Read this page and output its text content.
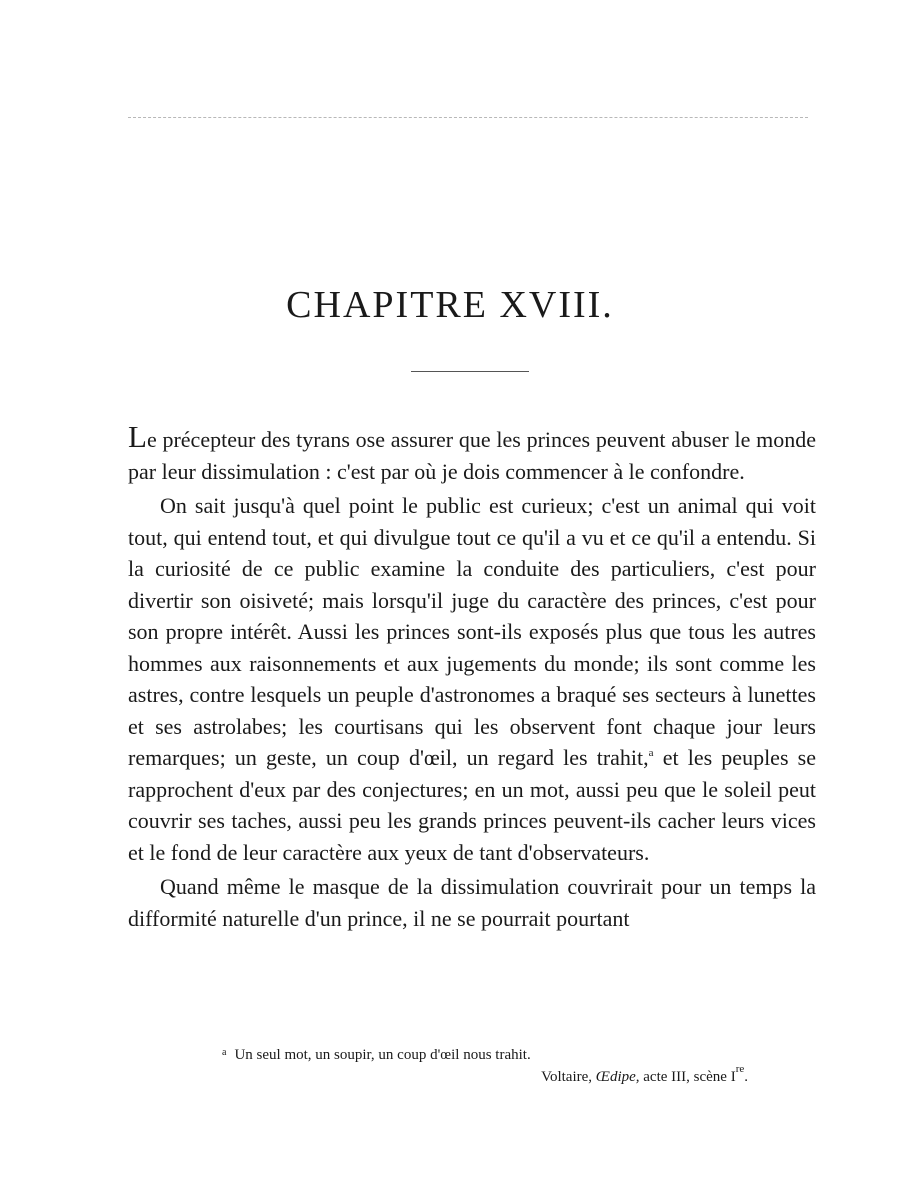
CHAPITRE XVIII.

Le précepteur des tyrans ose assurer que les princes peuvent abuser le monde par leur dissimulation : c'est par où je dois commencer à le confondre.

On sait jusqu'à quel point le public est curieux; c'est un animal qui voit tout, qui entend tout, et qui divulgue tout ce qu'il a vu et ce qu'il a entendu. Si la curiosité de ce public examine la conduite des particuliers, c'est pour divertir son oisiveté; mais lorsqu'il juge du caractère des princes, c'est pour son propre intérêt. Aussi les princes sont-ils exposés plus que tous les autres hommes aux raisonnements et aux jugements du monde; ils sont comme les astres, contre lesquels un peuple d'astronomes a braqué ses secteurs à lunettes et ses astrolabes; les courtisans qui les observent font chaque jour leurs remarques; un geste, un coup d'œil, un regard les trahit,$^a$ et les peuples se rapprochent d'eux par des conjectures; en un mot, aussi peu que le soleil peut couvrir ses taches, aussi peu les grands princes peuvent-ils cacher leurs vices et le fond de leur caractère aux yeux de tant d'observateurs.

Quand même le masque de la dissimulation couvrirait pour un temps la difformité naturelle d'un prince, il ne se pourrait pourtant

$^a$ Un seul mot, un soupir, un coup d'œil nous trahit.
Voltaire, Œdipe, acte III, scène Ire.
